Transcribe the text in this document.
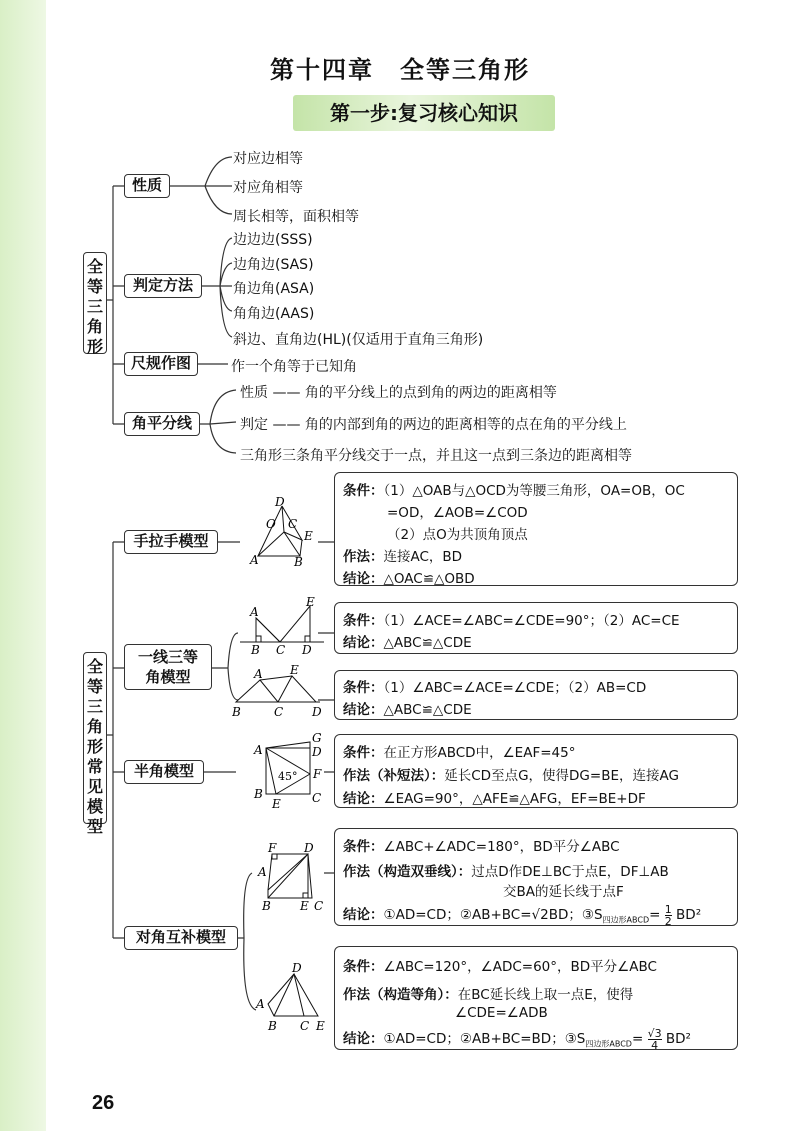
第十四章　全等三角形
第一步:复习核心知识
全等三角形
性质
对应边相等
对应角相等
周长相等，面积相等
判定方法
边边边(SSS)
边角边(SAS)
角边角(ASA)
角角边(AAS)
斜边、直角边(HL)(仅适用于直角三角形)
尺规作图	作一个角等于已知角
角平分线
性质 —— 角的平分线上的点到角的两边的距离相等
判定 —— 角的内部到角的两边的距离相等的点在角的平分线上
三角形三条角平分线交于一点，并且这一点到三条边的距离相等
全等三角形常见模型
手拉手模型
D
O C
E
A	B
条件：（1）△OAB与△OCD为等腰三角形，OA=OB，OC
=OD，∠AOB=∠COD
（2）点O为共顶角顶点
作法：连接AC，BD
结论：△OAC≌△OBD
一线三等
角模型
A
E
B C D
A E
B	C D
条件：（1）∠ACE=∠ABC=∠CDE=90°；（2）AC=CE
结论：△ABC≌△CDE
条件：（1）∠ABC=∠ACE=∠CDE；（2）AB=CD
结论：△ABC≌△CDE
半角模型	45°
G
A	D
F
B
E	C
条件：在正方形ABCD中，∠EAF=45°
作法（补短法）：延长CD至点G，使得DG=BE，连接AG
结论：∠EAG=90°，△AFE≌△AFG，EF=BE+DF
对角互补模型
F D
A
B E C
D
A
B C E
条件：∠ABC+∠ADC=180°，BD平分∠ABC
作法（构造双垂线）：过点D作DE⊥BC于点E，DF⊥AB
交BA的延长线于点F
结论：①AD=CD；②AB+BC=√2BD；$③S_{四边形ABCD}= \frac{1}{2} BD^2$
条件：∠ABC=120°，∠ADC=60°，BD平分∠ABC
作法（构造等角）：在BC延长线上取一点E，使得
∠CDE=∠ADB
结论：①AD=CD；②AB+BC=BD；$③S_{四边形ABCD}= \frac{√3}{4} BD^2$
26
